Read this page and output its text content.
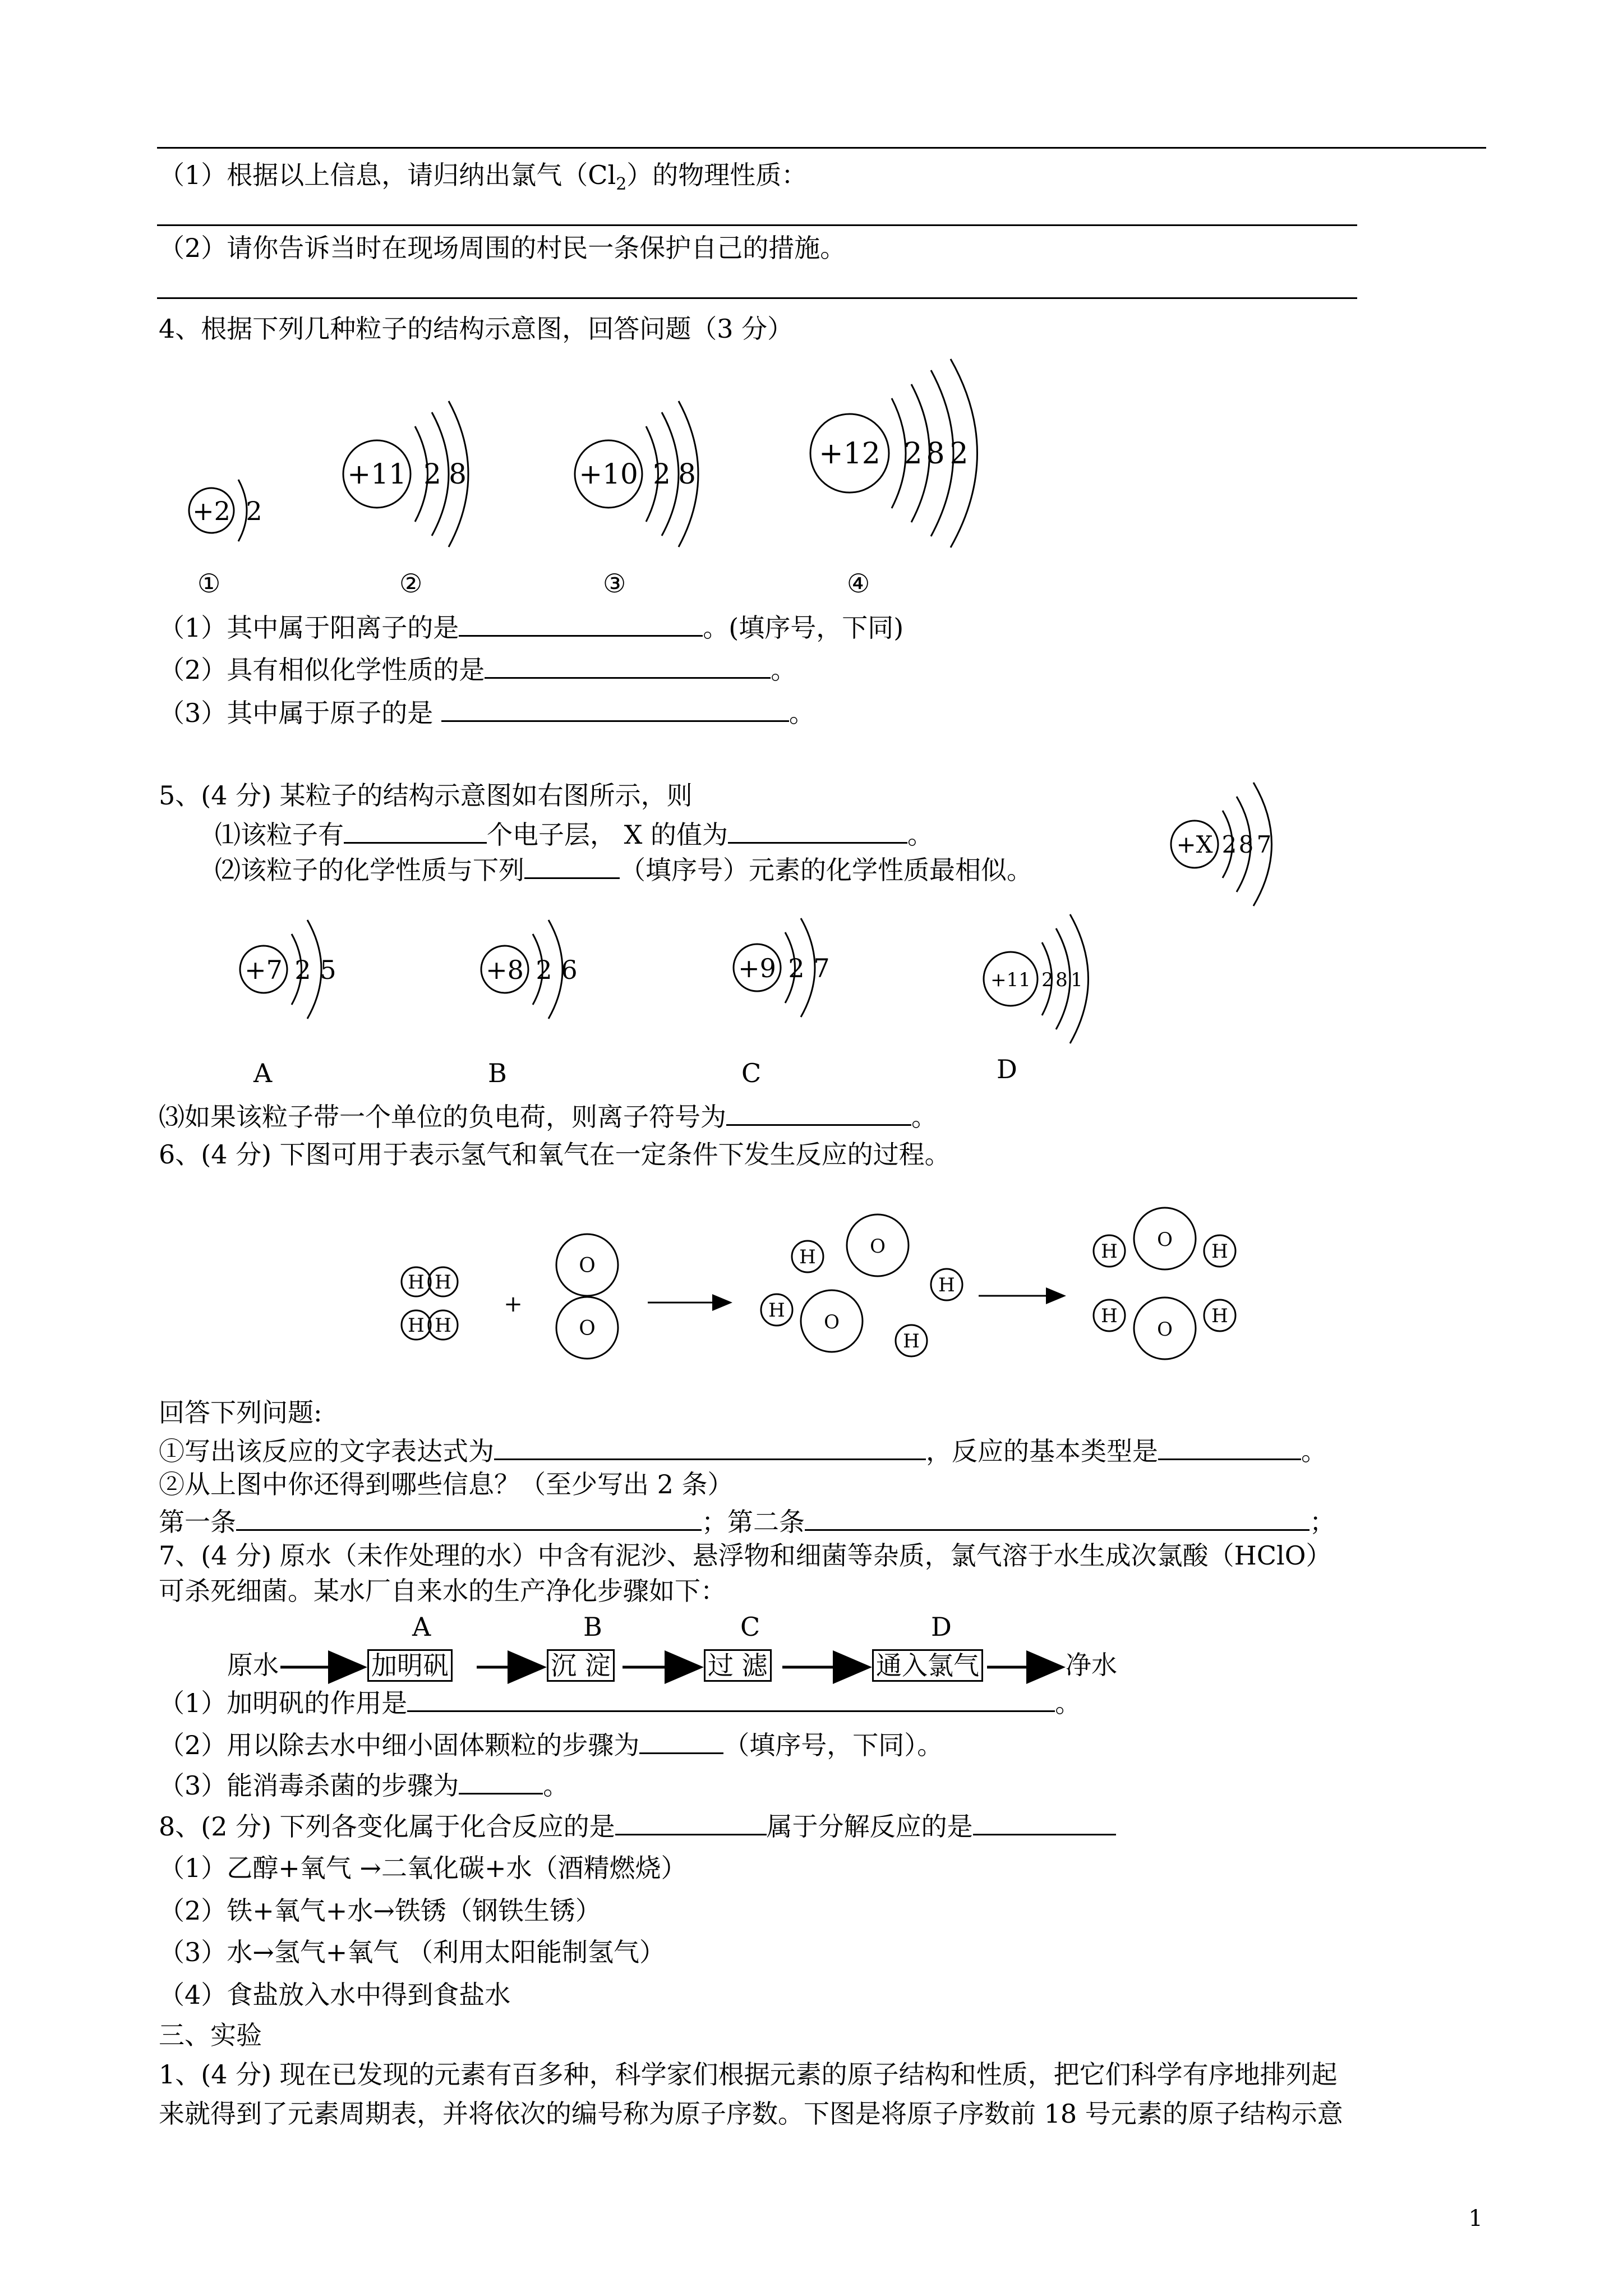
（1）根据以上信息，请归纳出氯气$(Cl_2)$的物理性质：
（2）请你告诉当时在现场周围的村民一条保护自己的措施。
4、根据下列几种粒子的结构示意图，回答问题（3 分）
+2 2
+11 2 8	+10 2 8
+12 2 8 2
①	②	③	④
（1）其中属于阳离子的是	。(填序号，下同)
（2）具有相似化学性质的是	。
（3）其中属于原子的是	。
5、(4 分) 某粒子的结构示意图如右图所示，则
⑴该粒子有	个电子层， X 的值为	。
⑵该粒子的化学性质与下列	（填序号）元素的化学性质最相似。
+X 2 8 7
+7 2 5	+8 2 6	+9 2 7	+11 2 8 1
A	B	C	D
⑶如果该粒子带一个单位的负电荷，则离子符号为	。
6、(4 分) 下图可用于表示氢气和氧气在一定条件下发生反应的过程。
H H
H H
+
O
O
H	O
H
H
O
H
H
O
H
H
O
H
回答下列问题:
①写出该反应的文字表达式为	，反应的基本类型是	。
②从上图中你还得到哪些信息？（至少写出 2 条）
第一条	；第二条	；
7、(4 分) 原水（未作处理的水）中含有泥沙、悬浮物和细菌等杂质，氯气溶于水生成次氯酸（HClO）
可杀死细菌。某水厂自来水的生产净化步骤如下：
A	B	C	D
原水	加明矾	沉 淀	过 滤	通入氯气	净水
（1）加明矾的作用是	。
（2）用以除去水中细小固体颗粒的步骤为	（填序号，下同）。
（3）能消毒杀菌的步骤为	。
8、(2 分) 下列各变化属于化合反应的是	属于分解反应的是
（1）乙醇+氧气 →二氧化碳+水（酒精燃烧）
（2）铁+氧气+水→铁锈（钢铁生锈）
（3）水→氢气+氧气 （利用太阳能制氢气）
（4）食盐放入水中得到食盐水
三、实验
1、(4 分) 现在已发现的元素有百多种，科学家们根据元素的原子结构和性质，把它们科学有序地排列起
来就得到了元素周期表，并将依次的编号称为原子序数。下图是将原子序数前 18 号元素的原子结构示意
1
